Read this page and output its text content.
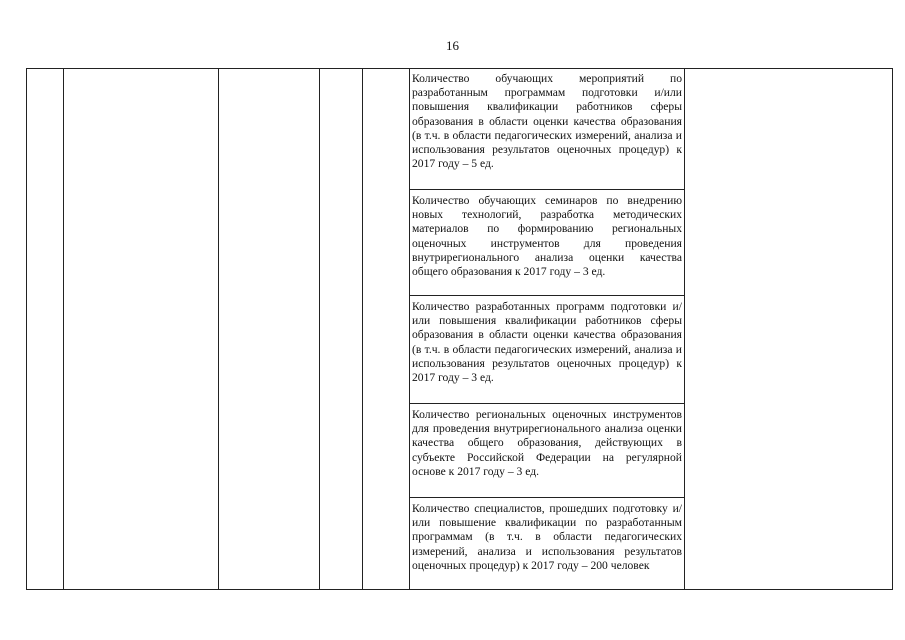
16

Количество обучающих мероприятий по разработанным программам подготовки и/или повышения квалификации работников сферы образования в области оценки качества образования (в т.ч. в области педагогических измерений, анализа и использования результатов оценочных процедур) к 2017 году – 5 ед.

Количество обучающих семинаров по внедрению новых технологий, разработка методических материалов по формированию региональных оценочных инструментов для проведения внутрирегионального анализа оценки качества общего образования к 2017 году – 3 ед.

Количество разработанных программ подготовки и/или повышения квалификации работников сферы образования в области оценки качества образования (в т.ч. в области педагогических измерений, анализа и использования результатов оценочных процедур) к 2017 году – 3 ед.

Количество региональных оценочных инструментов для проведения внутрирегионального анализа оценки качества общего образования, действующих в субъекте Российской Федерации на регулярной основе к 2017 году – 3 ед.

Количество специалистов, прошедших подготовку и/или повышение квалификации по разработанным программам (в т.ч. в области педагогических измерений, анализа и использования результатов оценочных процедур) к 2017 году – 200 человек
